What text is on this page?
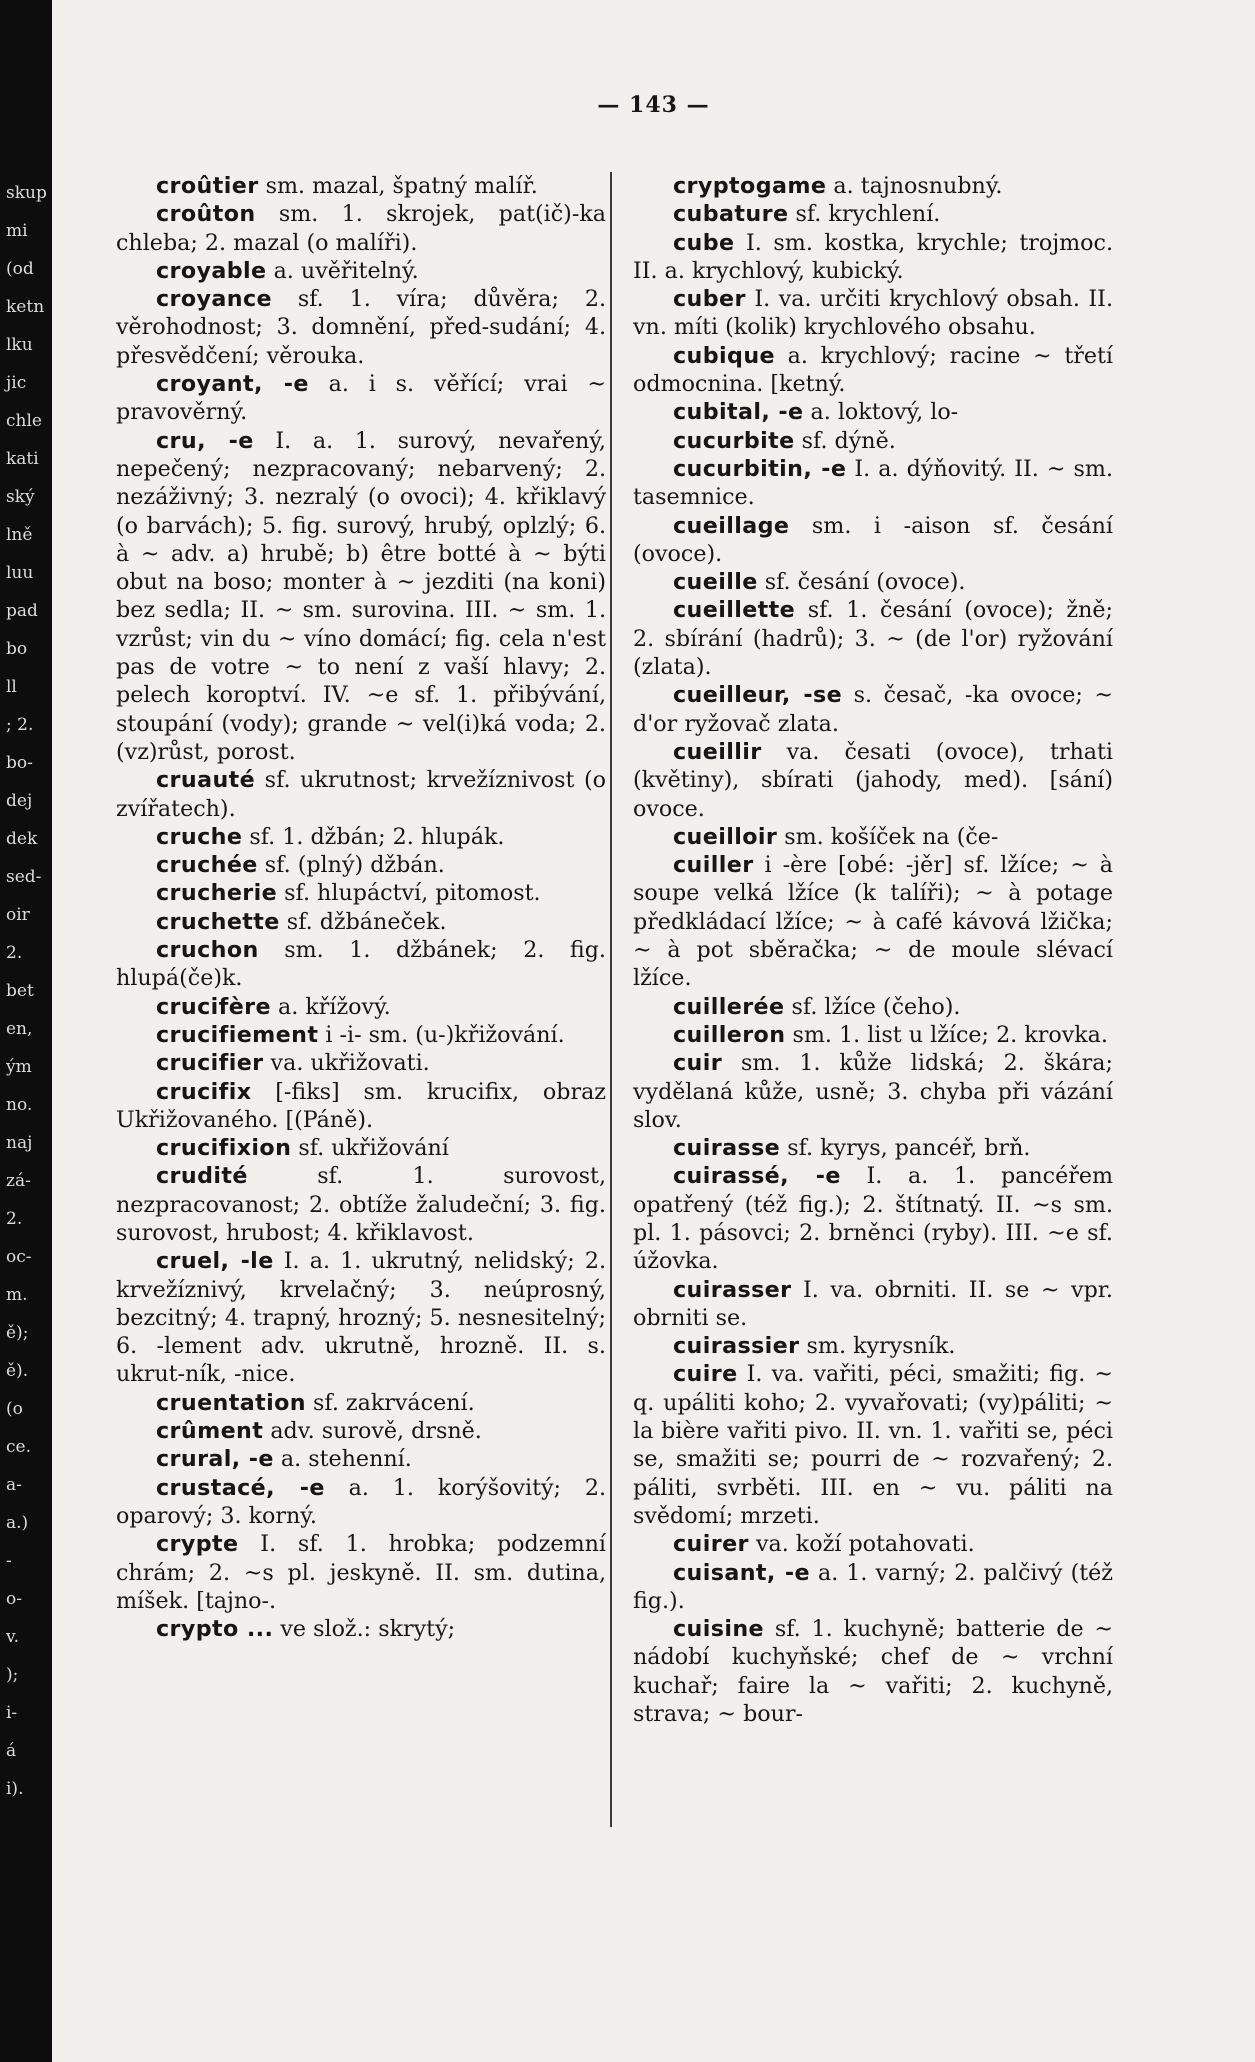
skup
mi
(od
ketn
lku
jic
chle
kati
ský
lně
luu
pad
bo
ll
; 2.
bo-
dej
dek
sed-
oir
2.
bet
en,
ým
no.
naj
zá-
2.
oc-
m.
ě);
ě).
(o
ce.
a-
a.)
-
o-
v.
);
i-
á
i).
— 143 —

croûtier sm. mazal, špatný malíř.

croûton sm. 1. skrojek, pat(ič)-ka chleba; 2. mazal (o malíři).

croyable a. uvěřitelný.

croyance sf. 1. víra; důvěra; 2. věrohodnost; 3. domnění, před-sudání; 4. přesvědčení; věrouka.

croyant, -e a. i s. věřící; vrai ~ pravověrný.

cru, -e I. a. 1. surový, nevařený, nepečený; nezpracovaný; nebarvený; 2. nezáživný; 3. nezralý (o ovoci); 4. křiklavý (o barvách); 5. fig. surový, hrubý, oplzlý; 6. à ~ adv. a) hrubě; b) être botté à ~ býti obut na boso; monter à ~ jezditi (na koni) bez sedla; II. ~ sm. surovina. III. ~ sm. 1. vzrůst; vin du ~ víno domácí; fig. cela n'est pas de votre ~ to není z vaší hlavy; 2. pelech koroptví. IV. ~e sf. 1. přibývání, stoupání (vody); grande ~ vel(i)ká voda; 2. (vz)růst, porost.

cruauté sf. ukrutnost; krvežíznivost (o zvířatech).

cruche sf. 1. džbán; 2. hlupák.

cruchée sf. (plný) džbán.

crucherie sf. hlupáctví, pitomost.

cruchette sf. džbáneček.

cruchon sm. 1. džbánek; 2. fig. hlupá(če)k.

crucifère a. křížový.

crucifiement i -i- sm. (u-)křižování.

crucifier va. ukřižovati.

crucifix [-fiks] sm. krucifix, obraz Ukřižovaného. [(Páně).

crucifixion sf. ukřižování

crudité sf. 1. surovost, nezpracovanost; 2. obtíže žaludeční; 3. fig. surovost, hrubost; 4. křiklavost.

cruel, -le I. a. 1. ukrutný, nelidský; 2. krvežíznivý, krvelačný; 3. neúprosný, bezcitný; 4. trapný, hrozný; 5. nesnesitelný; 6. -lement adv. ukrutně, hrozně. II. s. ukrut-ník, -nice.

cruentation sf. zakrvácení.

crûment adv. surově, drsně.

crural, -e a. stehenní.

crustacé, -e a. 1. korýšovitý; 2. oparový; 3. korný.

crypte I. sf. 1. hrobka; podzemní chrám; 2. ~s pl. jeskyně. II. sm. dutina, míšek. [tajno-.

crypto ... ve slož.: skrytý;

cryptogame a. tajnosnubný.

cubature sf. krychlení.

cube I. sm. kostka, krychle; trojmoc. II. a. krychlový, kubický.

cuber I. va. určiti krychlový obsah. II. vn. míti (kolik) krychlového obsahu.

cubique a. krychlový; racine ~ třetí odmocnina. [ketný.

cubital, -e a. loktový, lo-

cucurbite sf. dýně.

cucurbitin, -e I. a. dýňovitý. II. ~ sm. tasemnice.

cueillage sm. i -aison sf. česání (ovoce).

cueille sf. česání (ovoce).

cueillette sf. 1. česání (ovoce); žně; 2. sbírání (hadrů); 3. ~ (de l'or) ryžování (zlata).

cueilleur, -se s. česač, -ka ovoce; ~ d'or ryžovač zlata.

cueillir va. česati (ovoce), trhati (květiny), sbírati (jahody, med). [sání) ovoce.

cueilloir sm. košíček na (če-

cuiller i -ère [obé: -jěr] sf. lžíce; ~ à soupe velká lžíce (k talíři); ~ à potage předkládací lžíce; ~ à café kávová lžička; ~ à pot sběračka; ~ de moule slévací lžíce.

cuillerée sf. lžíce (čeho).

cuilleron sm. 1. list u lžíce; 2. krovka.

cuir sm. 1. kůže lidská; 2. škára; vydělaná kůže, usně; 3. chyba při vázání slov.

cuirasse sf. kyrys, pancéř, brň.

cuirassé, -e I. a. 1. pancéřem opatřený (též fig.); 2. štítnatý. II. ~s sm. pl. 1. pásovci; 2. brněnci (ryby). III. ~e sf. úžovka.

cuirasser I. va. obrniti. II. se ~ vpr. obrniti se.

cuirassier sm. kyrysník.

cuire I. va. vařiti, péci, smažiti; fig. ~ q. upáliti koho; 2. vyvařovati; (vy)páliti; ~ la bière vařiti pivo. II. vn. 1. vařiti se, péci se, smažiti se; pourri de ~ rozvařený; 2. páliti, svrběti. III. en ~ vu. páliti na svědomí; mrzeti.

cuirer va. koží potahovati.

cuisant, -e a. 1. varný; 2. palčivý (též fig.).

cuisine sf. 1. kuchyně; batterie de ~ nádobí kuchyňské; chef de ~ vrchní kuchař; faire la ~ vařiti; 2. kuchyně, strava; ~ bour-
